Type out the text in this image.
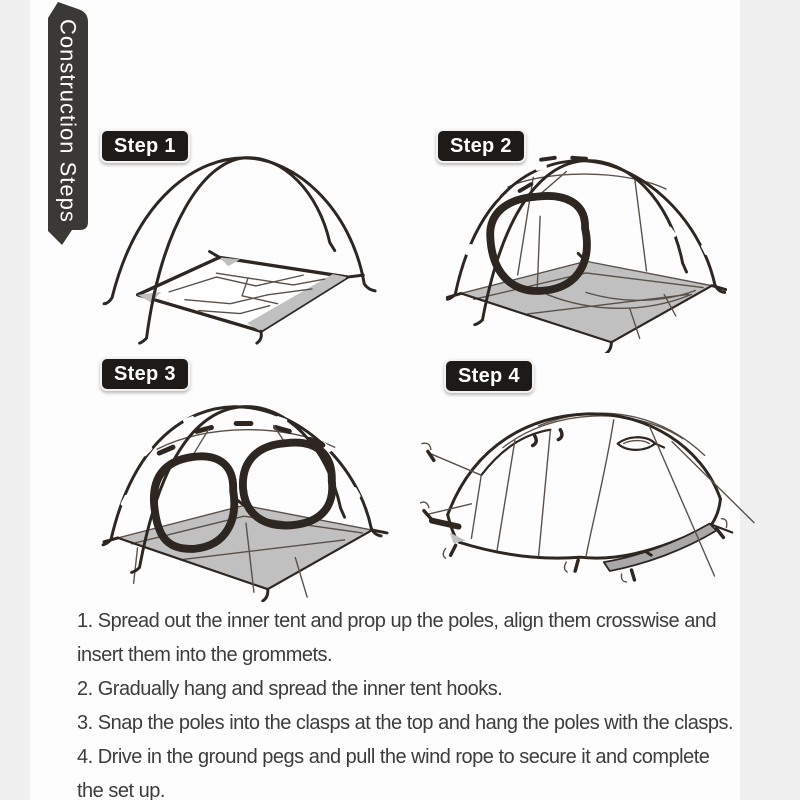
Construction Steps	Step 1	Step 2
Step 3	Step 4
1. Spread out the inner tent and prop up the poles, align them crosswise and
insert them into the grommets.
2. Gradually hang and spread the inner tent hooks.
3. Snap the poles into the clasps at the top and hang the poles with the clasps.
4. Drive in the ground pegs and pull the wind rope to secure it and complete
the set up.
